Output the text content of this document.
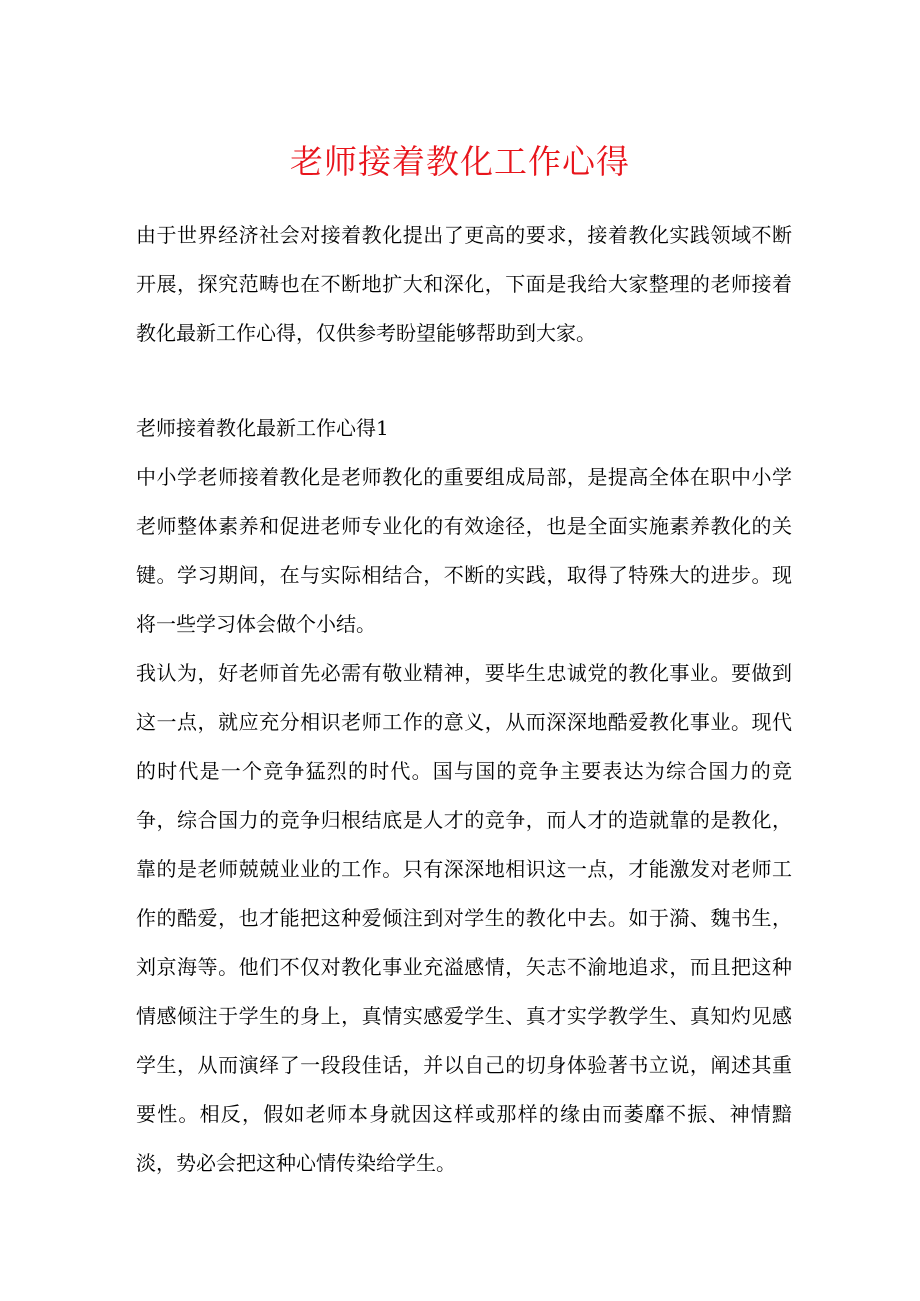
老师接着教化工作心得

由于世界经济社会对接着教化提出了更高的要求，接着教化实践领域不断开展，探究范畴也在不断地扩大和深化，下面是我给大家整理的老师接着教化最新工作心得，仅供参考盼望能够帮助到大家。

老师接着教化最新工作心得1

中小学老师接着教化是老师教化的重要组成局部，是提高全体在职中小学老师整体素养和促进老师专业化的有效途径，也是全面实施素养教化的关键。学习期间，在与实际相结合，不断的实践，取得了特殊大的进步。现将一些学习体会做个小结。

我认为，好老师首先必需有敬业精神，要毕生忠诚党的教化事业。要做到这一点，就应充分相识老师工作的意义，从而深深地酷爱教化事业。现代的时代是一个竞争猛烈的时代。国与国的竞争主要表达为综合国力的竞争，综合国力的竞争归根结底是人才的竞争，而人才的造就靠的是教化，靠的是老师兢兢业业的工作。只有深深地相识这一点，才能激发对老师工作的酷爱，也才能把这种爱倾注到对学生的教化中去。如于漪、魏书生，刘京海等。他们不仅对教化事业充溢感情，矢志不渝地追求，而且把这种情感倾注于学生的身上，真情实感爱学生、真才实学教学生、真知灼见感学生，从而演绎了一段段佳话，并以自己的切身体验著书立说，阐述其重要性。相反，假如老师本身就因这样或那样的缘由而萎靡不振、神情黯淡，势必会把这种心情传染给学生。
